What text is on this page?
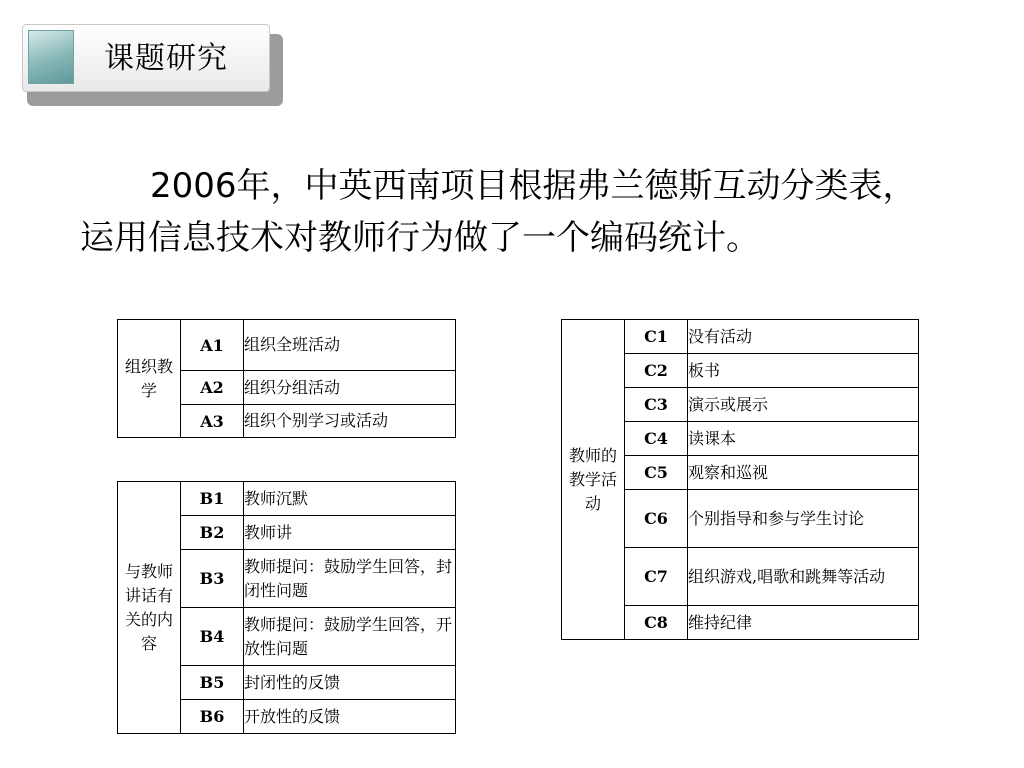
课题研究

2006年，中英西南项目根据弗兰德斯互动分类表，运用信息技术对教师行为做了一个编码统计。

组织教学	A1	组织全班活动
	A2	组织分组活动
	A3	组织个别学习或活动
与教师讲话有关的内容	B1	教师沉默
	B2	教师讲
	B3	教师提问：鼓励学生回答，封闭性问题
	B4	教师提问：鼓励学生回答，开放性问题
	B5	封闭性的反馈
	B6	开放性的反馈
教师的教学活动	C1	没有活动
	C2	板书
	C3	演示或展示
	C4	读课本
	C5	观察和巡视
	C6	个别指导和参与学生讨论
	C7	组织游戏,唱歌和跳舞等活动
	C8	维持纪律
